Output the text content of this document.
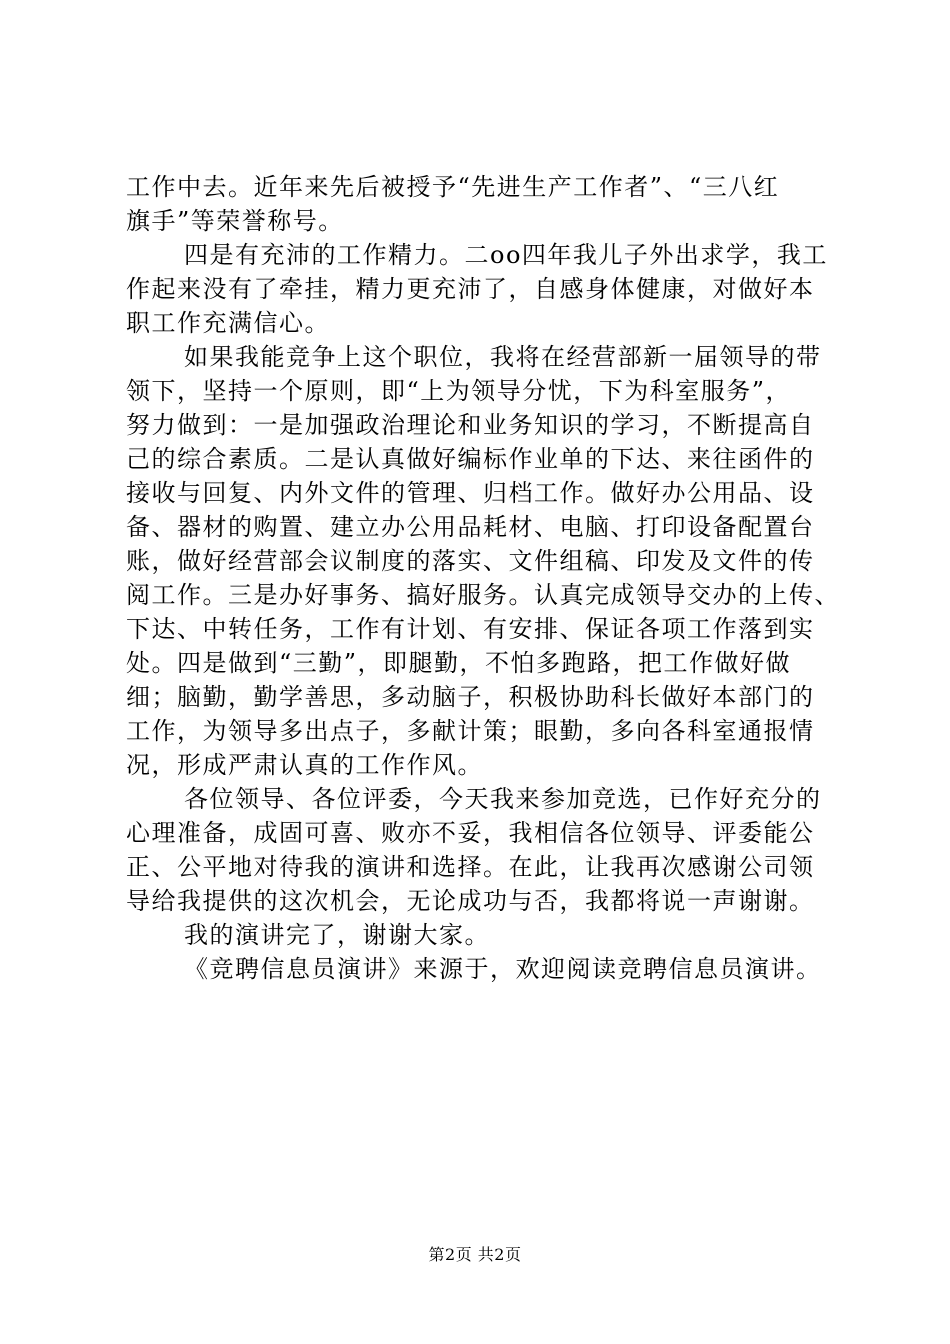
工作中去。近年来先后被授予“先进生产工作者”、“三八红
旗手”等荣誉称号。
四是有充沛的工作精力。二oo四年我儿子外出求学，我工
作起来没有了牵挂，精力更充沛了，自感身体健康，对做好本
职工作充满信心。
如果我能竞争上这个职位，我将在经营部新一届领导的带
领下，坚持一个原则，即“上为领导分忧，下为科室服务”，
努力做到：一是加强政治理论和业务知识的学习，不断提高自
己的综合素质。二是认真做好编标作业单的下达、来往函件的
接收与回复、内外文件的管理、归档工作。做好办公用品、设
备、器材的购置、建立办公用品耗材、电脑、打印设备配置台
账，做好经营部会议制度的落实、文件组稿、印发及文件的传
阅工作。三是办好事务、搞好服务。认真完成领导交办的上传、
下达、中转任务，工作有计划、有安排、保证各项工作落到实
处。四是做到“三勤”，即腿勤，不怕多跑路，把工作做好做
细；脑勤，勤学善思，多动脑子，积极协助科长做好本部门的
工作，为领导多出点子，多献计策；眼勤，多向各科室通报情
况，形成严肃认真的工作作风。
各位领导、各位评委，今天我来参加竞选，已作好充分的
心理准备，成固可喜、败亦不妥，我相信各位领导、评委能公
正、公平地对待我的演讲和选择。在此，让我再次感谢公司领
导给我提供的这次机会，无论成功与否，我都将说一声谢谢。
我的演讲完了，谢谢大家。
《竞聘信息员演讲》来源于，欢迎阅读竞聘信息员演讲。
第2页 共2页
